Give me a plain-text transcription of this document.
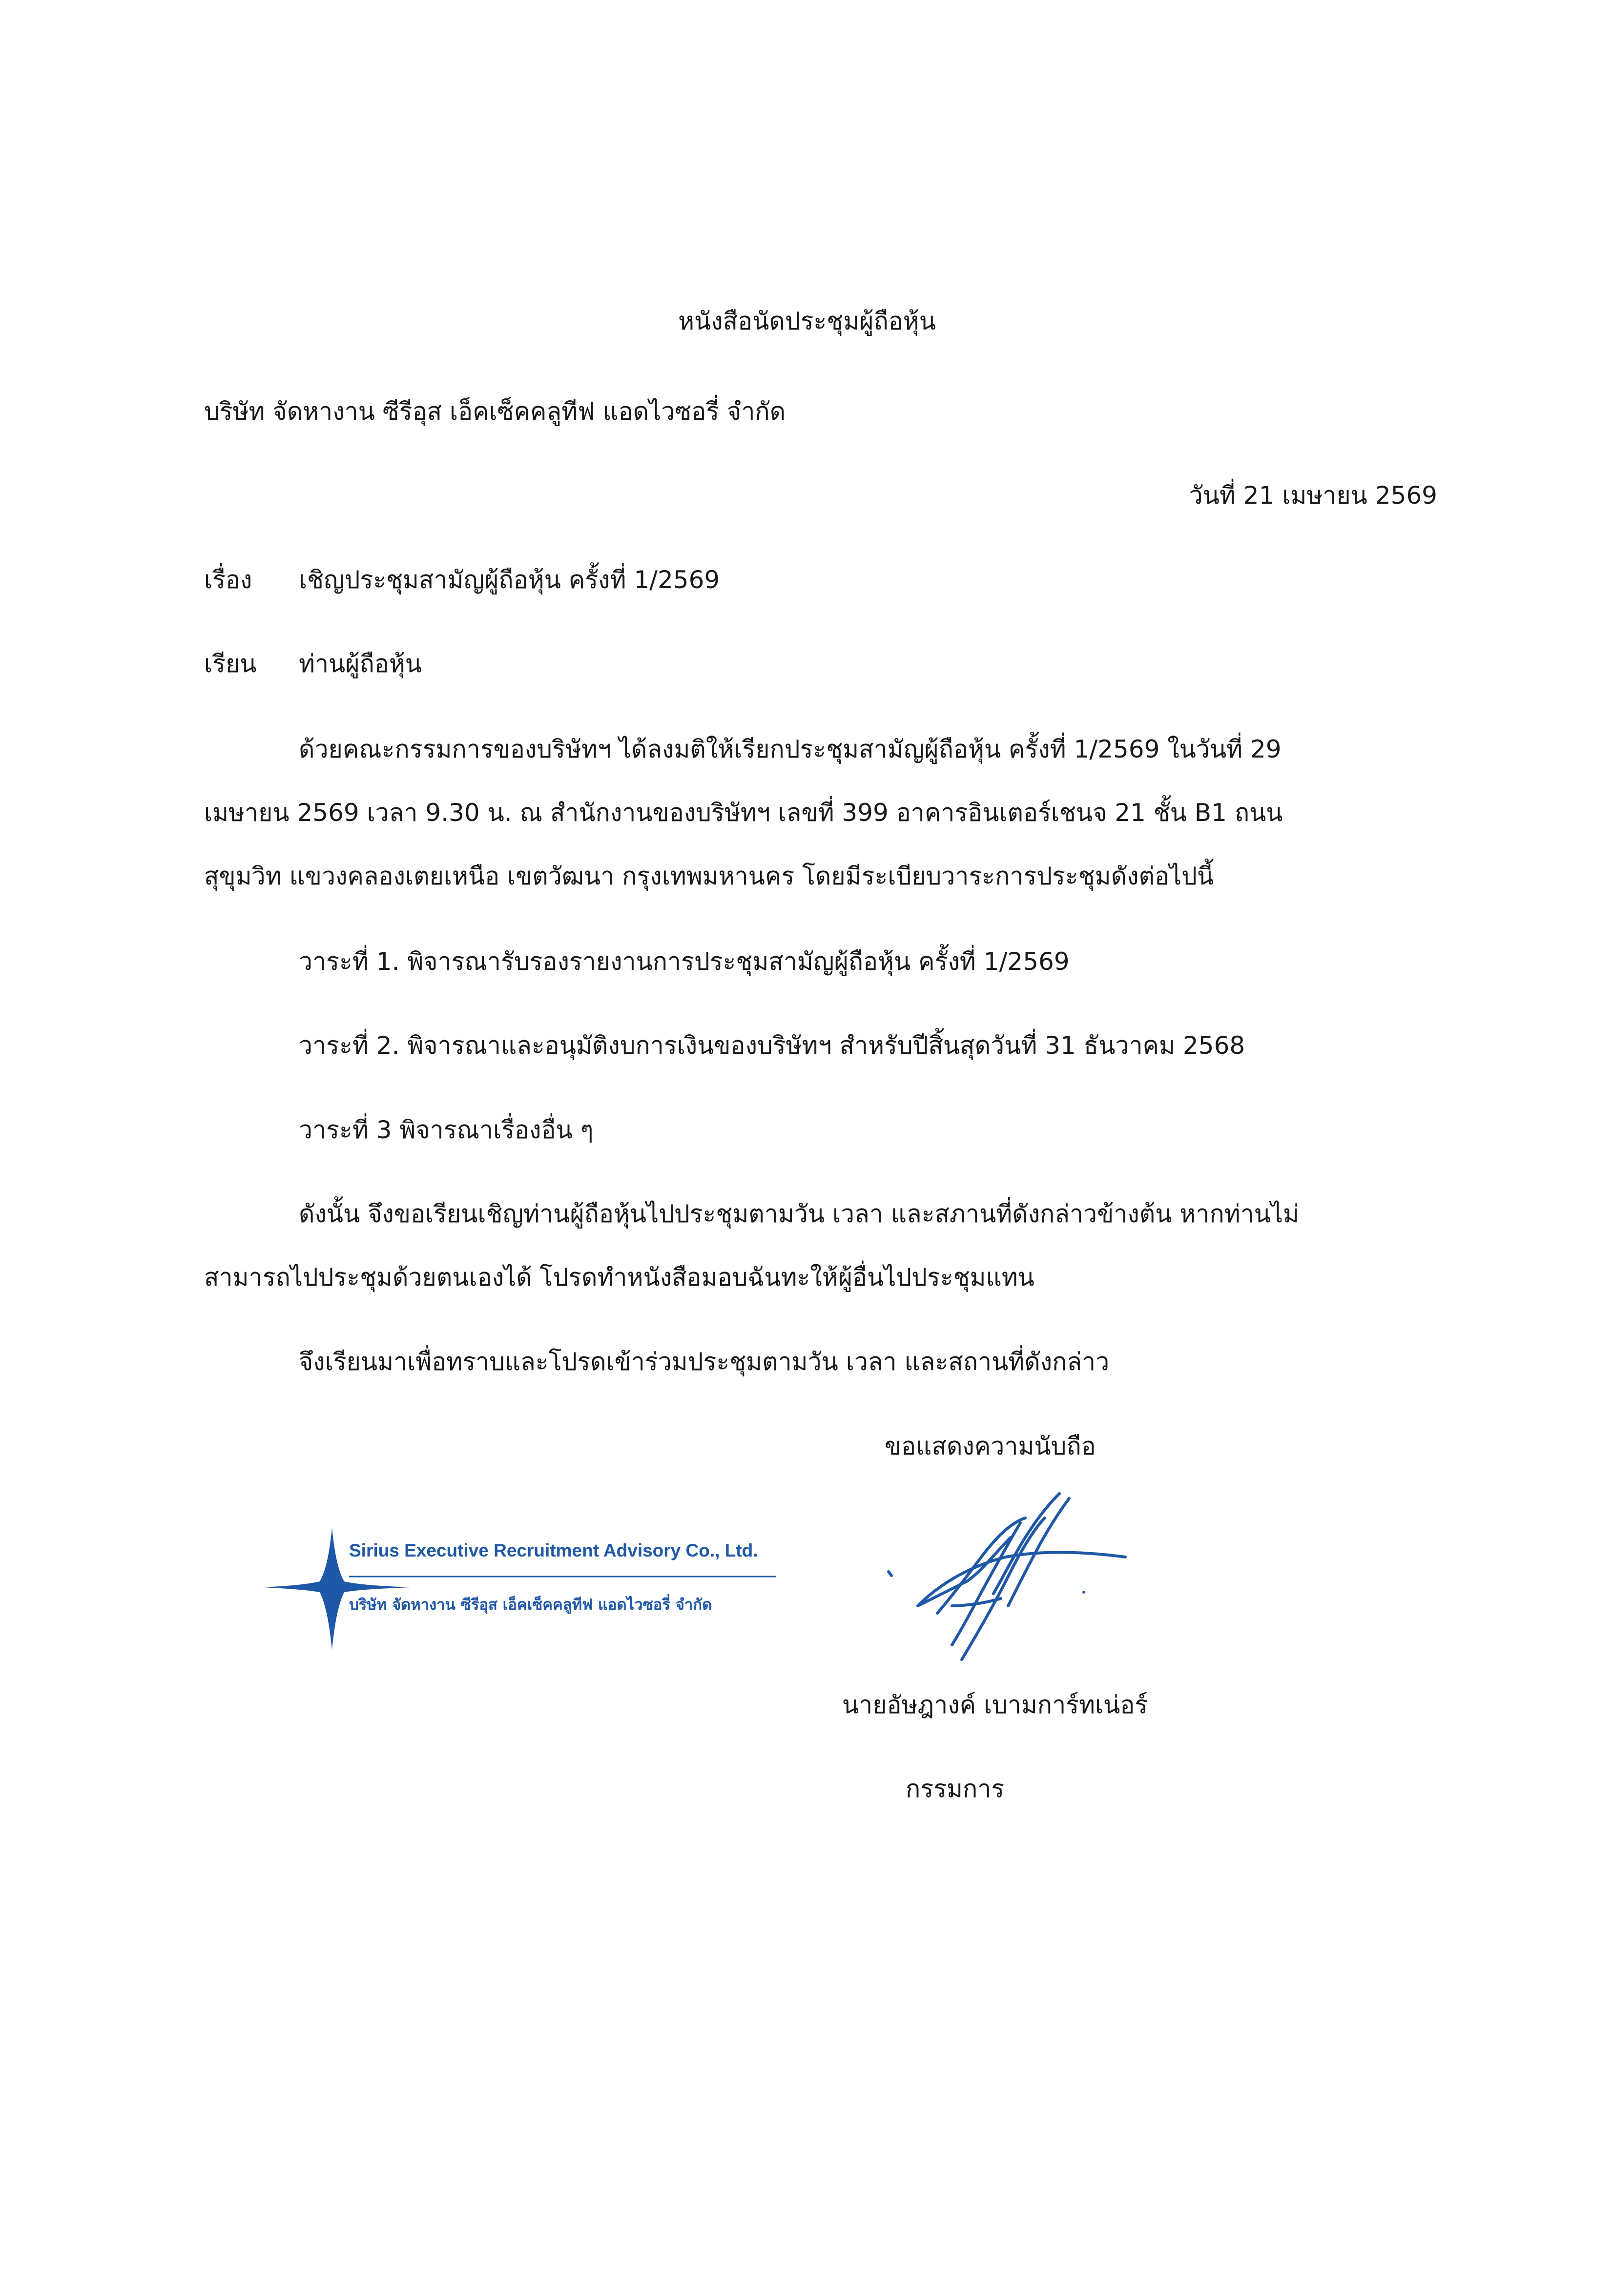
หนังสือนัดประชุมผู้ถือหุ้น
บริษัท จัดหางาน ซีรีอุส เอ็คเซ็คคลูทีฟ แอดไวซอรี่ จำกัด
วันที่ 21 เมษายน 2569
เรื่อง เชิญประชุมสามัญผู้ถือหุ้น ครั้งที่ 1/2569
เรียน ท่านผู้ถือหุ้น
ด้วยคณะกรรมการของบริษัทฯ ได้ลงมติให้เรียกประชุมสามัญผู้ถือหุ้น ครั้งที่ 1/2569 ในวันที่ 29
เมษายน 2569 เวลา 9.30 น. ณ สำนักงานของบริษัทฯ เลขที่ 399 อาคารอินเตอร์เชนจ 21 ชั้น B1 ถนน
สุขุมวิท แขวงคลองเตยเหนือ เขตวัฒนา กรุงเทพมหานคร โดยมีระเบียบวาระการประชุมดังต่อไปนี้
วาระที่ 1. พิจารณารับรองรายงานการประชุมสามัญผู้ถือหุ้น ครั้งที่ 1/2569
วาระที่ 2. พิจารณาและอนุมัติงบการเงินของบริษัทฯ สำหรับปีสิ้นสุดวันที่ 31 ธันวาคม 2568
วาระที่ 3 พิจารณาเรื่องอื่น ๆ
ดังนั้น จึงขอเรียนเชิญท่านผู้ถือหุ้นไปประชุมตามวัน เวลา และสภานที่ดังกล่าวข้างต้น หากท่านไม่
สามารถไปประชุมด้วยตนเองได้ โปรดทำหนังสือมอบฉันทะให้ผู้อื่นไปประชุมแทน
จึงเรียนมาเพื่อทราบและโปรดเข้าร่วมประชุมตามวัน เวลา และสถานที่ดังกล่าว
ขอแสดงความนับถือ
Sirius Executive Recruitment Advisory Co., Ltd.
บริษัท จัดหางาน ซีรีอุส เอ็คเซ็คคลูทีฟ แอดไวซอรี่ จำกัด
นายอัษฎางค์ เบามการ์ทเน่อร์
กรรมการ
